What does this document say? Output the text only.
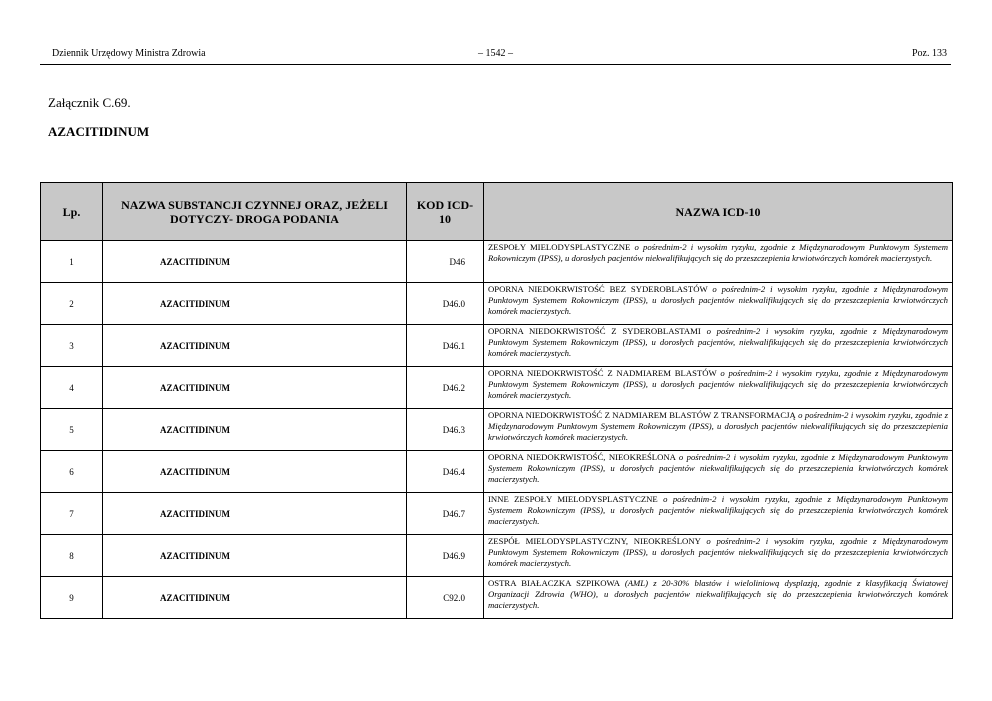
Dziennik Urzędowy Ministra Zdrowia	– 1542 –	Poz. 133
Załącznik C.69.
AZACITIDINUM
Lp.	NAZWA SUBSTANCJI CZYNNEJ ORAZ, JEŻELI DOTYCZY- DROGA PODANIA	KOD ICD-10	NAZWA ICD-10
1	AZACITIDINUM	D46	ZESPOŁY MIELODYSPLASTYCZNE o pośrednim-2 i wysokim ryzyku, zgodnie z Międzynarodowym Punktowym Systemem Rokowniczym (IPSS), u dorosłych pacjentów niekwalifikujących się do przeszczepienia krwiotwórczych komórek macierzystych.
2	AZACITIDINUM	D46.0	OPORNA NIEDOKRWISTOŚĆ BEZ SYDEROBLASTÓW o pośrednim-2 i wysokim ryzyku, zgodnie z Międzynarodowym Punktowym Systemem Rokowniczym (IPSS), u dorosłych pacjentów niekwalifikujących się do przeszczepienia krwiotwórczych komórek macierzystych.
3	AZACITIDINUM	D46.1	OPORNA NIEDOKRWISTOŚĆ Z SYDEROBLASTAMI o pośrednim-2 i wysokim ryzyku, zgodnie z Międzynarodowym Punktowym Systemem Rokowniczym (IPSS), u dorosłych pacjentów, niekwalifikujących się do przeszczepienia krwiotwórczych komórek macierzystych.
4	AZACITIDINUM	D46.2	OPORNA NIEDOKRWISTOŚĆ Z NADMIAREM BLASTÓW o pośrednim-2 i wysokim ryzyku, zgodnie z Międzynarodowym Punktowym Systemem Rokowniczym (IPSS), u dorosłych pacjentów niekwalifikujących się do przeszczepienia krwiotwórczych komórek macierzystych.
5	AZACITIDINUM	D46.3	OPORNA NIEDOKRWISTOŚĆ Z NADMIAREM BLASTÓW Z TRANSFORMACJĄ o pośrednim-2 i wysokim ryzyku, zgodnie z Międzynarodowym Punktowym Systemem Rokowniczym (IPSS), u dorosłych pacjentów niekwalifikujących się do przeszczepienia krwiotwórczych komórek macierzystych.
6	AZACITIDINUM	D46.4	OPORNA NIEDOKRWISTOŚĆ, NIEOKREŚLONA o pośrednim-2 i wysokim ryzyku, zgodnie z Międzynarodowym Punktowym Systemem Rokowniczym (IPSS), u dorosłych pacjentów niekwalifikujących się do przeszczepienia krwiotwórczych komórek macierzystych.
7	AZACITIDINUM	D46.7	INNE ZESPOŁY MIELODYSPLASTYCZNE o pośrednim-2 i wysokim ryzyku, zgodnie z Międzynarodowym Punktowym Systemem Rokowniczym (IPSS), u dorosłych pacjentów niekwalifikujących się do przeszczepienia krwiotwórczych komórek macierzystych.
8	AZACITIDINUM	D46.9	ZESPÓŁ MIELODYSPLASTYCZNY, NIEOKREŚLONY o pośrednim-2 i wysokim ryzyku, zgodnie z Międzynarodowym Punktowym Systemem Rokowniczym (IPSS), u dorosłych pacjentów niekwalifikujących się do przeszczepienia krwiotwórczych komórek macierzystych.
9	AZACITIDINUM	C92.0	OSTRA BIAŁACZKA SZPIKOWA (AML) z 20-30% blastów i wieloliniową dysplazją, zgodnie z klasyfikacją Światowej Organizacji Zdrowia (WHO), u dorosłych pacjentów niekwalifikujących się do przeszczepienia krwiotwórczych komórek macierzystych.
